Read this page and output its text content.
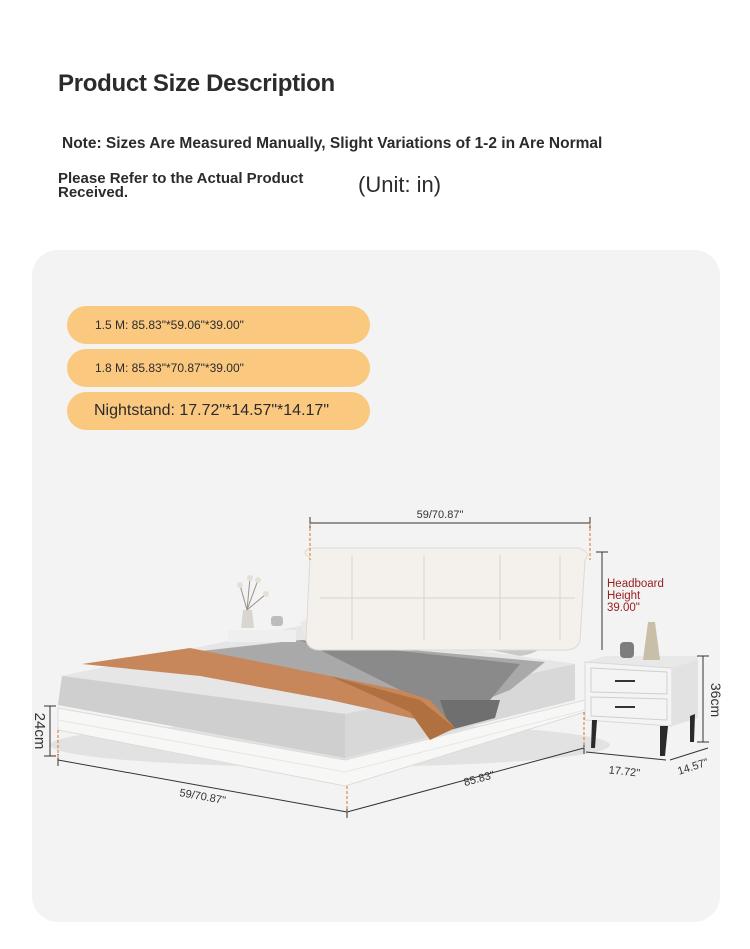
Product Size Description
Note: Sizes Are Measured Manually, Slight Variations of 1-2 in Are Normal
Please Refer to the Actual Product Received.	(Unit: in)
1.5 M: 85.83"*59.06"*39.00"
1.8 M: 85.83"*70.87"*39.00"
Nightstand: 17.72"*14.57"*14.17"
59/70.87"
Headboard
Height
39.00"
24cm
59/70.87"
85.83"
36cm
17.72"	14.57"
